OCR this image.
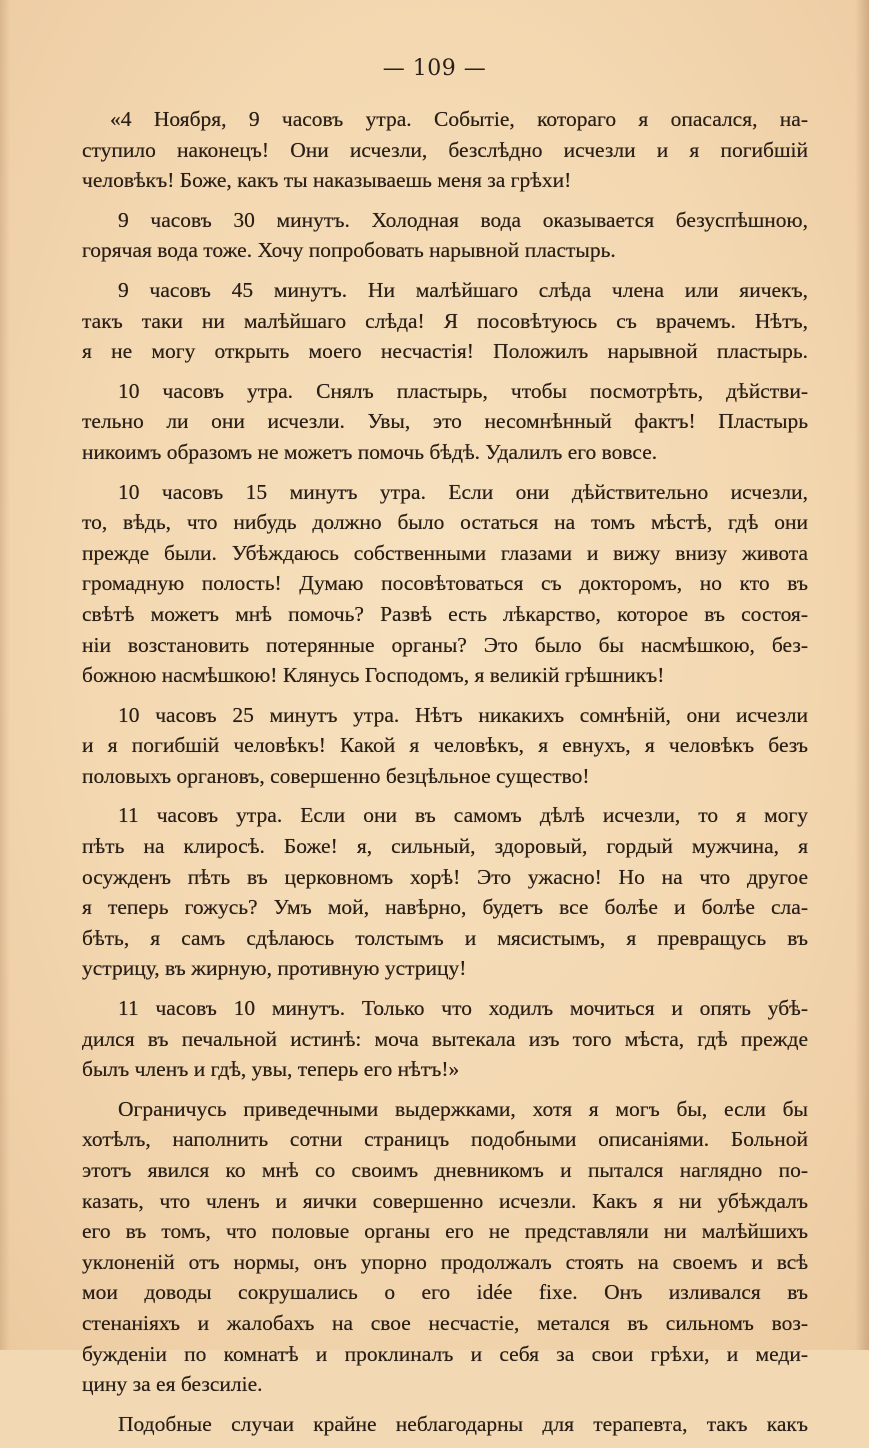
— 109 —
«4 Ноября, 9 часовъ утра. Событіе, котораго я опасался, на-
ступило наконецъ! Они исчезли, безслѣдно исчезли и я погибшій
человѣкъ! Боже, какъ ты наказываешь меня за грѣхи!
9 часовъ 30 минутъ. Холодная вода оказывается безуспѣшною,
горячая вода тоже. Хочу попробовать нарывной пластырь.
9 часовъ 45 минутъ. Ни малѣйшаго слѣда члена или яичекъ,
такъ таки ни малѣйшаго слѣда! Я посовѣтуюсь съ врачемъ. Нѣтъ,
я не могу открыть моего несчастія! Положилъ нарывной пластырь.
10 часовъ утра. Снялъ пластырь, чтобы посмотрѣть, дѣйстви-
тельно ли они исчезли. Увы, это несомнѣнный фактъ! Пластырь
никоимъ образомъ не можетъ помочь бѣдѣ. Удалилъ его вовсе.
10 часовъ 15 минутъ утра. Если они дѣйствительно исчезли,
то, вѣдь, что нибудь должно было остаться на томъ мѣстѣ, гдѣ они
прежде были. Убѣждаюсь собственными глазами и вижу внизу живота
громадную полость! Думаю посовѣтоваться съ докторомъ, но кто въ
свѣтѣ можетъ мнѣ помочь? Развѣ есть лѣкарство, которое въ состоя-
ніи возстановить потерянные органы? Это было бы насмѣшкою, без-
божною насмѣшкою! Клянусь Господомъ, я великій грѣшникъ!
10 часовъ 25 минутъ утра. Нѣтъ никакихъ сомнѣній, они исчезли
и я погибшій человѣкъ! Какой я человѣкъ, я евнухъ, я человѣкъ безъ
половыхъ органовъ, совершенно безцѣльное существо!
11 часовъ утра. Если они въ самомъ дѣлѣ исчезли, то я могу
пѣть на клиросѣ. Боже! я, сильный, здоровый, гордый мужчина, я
осужденъ пѣть въ церковномъ хорѣ! Это ужасно! Но на что другое
я теперь гожусь? Умъ мой, навѣрно, будетъ все болѣе и болѣе сла-
бѣть, я самъ сдѣлаюсь толстымъ и мясистымъ, я превращусь въ
устрицу, въ жирную, противную устрицу!
11 часовъ 10 минутъ. Только что ходилъ мочиться и опять убѣ-
дился въ печальной истинѣ: моча вытекала изъ того мѣста, гдѣ прежде
былъ членъ и гдѣ, увы, теперь его нѣтъ!»
Ограничусь приведечными выдержками, хотя я могъ бы, если бы
хотѣлъ, наполнить сотни страницъ подобными описаніями. Больной
этотъ явился ко мнѣ со своимъ дневникомъ и пытался наглядно по-
казать, что членъ и яички совершенно исчезли. Какъ я ни убѣждалъ
его въ томъ, что половые органы его не представляли ни малѣйшихъ
уклоненій отъ нормы, онъ упорно продолжалъ стоять на своемъ и всѣ
мои доводы сокрушались о его idée fixe. Онъ изливался въ
стенаніяхъ и жалобахъ на свое несчастіе, метался въ сильномъ воз-
бужденіи по комнатѣ и проклиналъ и себя за свои грѣхи, и меди-
цину за ея безсиліе.
Подобные случаи крайне неблагодарны для терапевта, такъ какъ
